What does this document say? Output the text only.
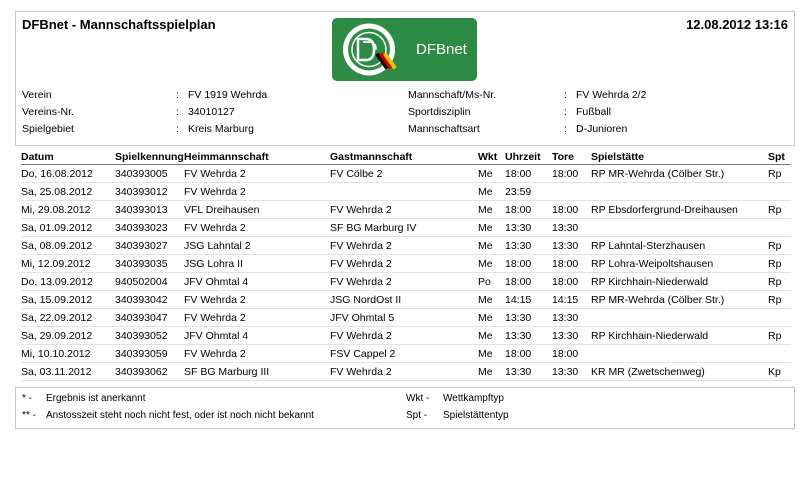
DFBnet - Mannschaftsspielplan	12.08.2012 13:16
DFBnet
Verein	: FV 1919 Wehrda
Vereins-Nr.	: 34010127
Spielgebiet	: Kreis Marburg
Mannschaft/Ms-Nr.	: FV Wehrda 2/2
Sportdisziplin	: Fußball
Mannschaftsart	: D-Junioren
Datum	Spielkennung	Heimmannschaft	Gastmannschaft	Wkt	Uhrzeit	Tore	Spielstätte	Spt
Do, 16.08.2012	340393005	FV Wehrda 2	FV Cölbe 2	Me	18:00	18:00	RP MR-Wehrda (Cölber Str.)	Rp
Sa, 25.08.2012	340393012	FV Wehrda 2		Me	23:59			
Mi, 29.08.2012	340393013	VFL Dreihausen	FV Wehrda 2	Me	18:00	18:00	RP Ebsdorfergrund-Dreihausen	Rp
Sa, 01.09.2012	340393023	FV Wehrda 2	SF BG Marburg IV	Me	13:30	13:30		
Sa, 08.09.2012	340393027	JSG Lahntal 2	FV Wehrda 2	Me	13:30	13:30	RP Lahntal-Sterzhausen	Rp
Mi, 12.09.2012	340393035	JSG Lohra II	FV Wehrda 2	Me	18:00	18:00	RP Lohra-Weipoltshausen	Rp
Do, 13.09.2012	940502004	JFV Ohmtal 4	FV Wehrda 2	Po	18:00	18:00	RP Kirchhain-Niederwald	Rp
Sa, 15.09.2012	340393042	FV Wehrda 2	JSG NordOst II	Me	14:15	14:15	RP MR-Wehrda (Cölber Str.)	Rp
Sa, 22.09.2012	340393047	FV Wehrda 2	JFV Ohmtal 5	Me	13:30	13:30		
Sa, 29.09.2012	340393052	JFV Ohmtal 4	FV Wehrda 2	Me	13:30	13:30	RP Kirchhain-Niederwald	Rp
Mi, 10.10.2012	340393059	FV Wehrda 2	FSV Cappel 2	Me	18:00	18:00		
Sa, 03.11.2012	340393062	SF BG Marburg III	FV Wehrda 2	Me	13:30	13:30	KR MR (Zwetschenweg)	Kp
* - Ergebnis ist anerkannt
** - Anstosszeit steht noch nicht fest, oder ist noch nicht bekannt
Wkt - Wettkampftyp
Spt - Spielstättentyp
